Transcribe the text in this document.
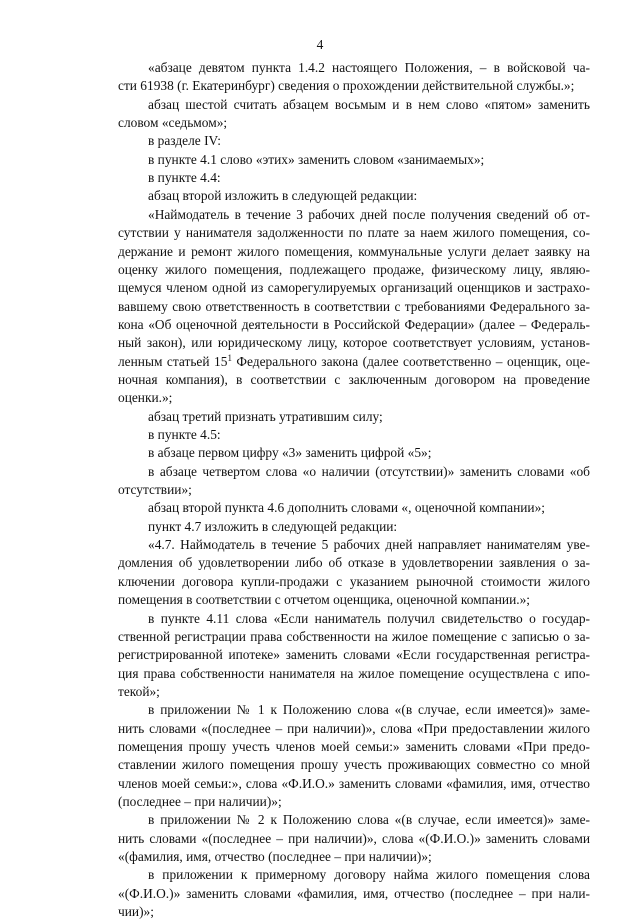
4
«абзаце девятом пункта 1.4.2 настоящего Положения, – в войсковой ча-
сти 61938 (г. Екатеринбург) сведения о прохождении действительной службы.»;
абзац шестой считать абзацем восьмым и в нем слово «пятом» заменить
словом «седьмом»;
в разделе IV:
в пункте 4.1 слово «этих» заменить словом «занимаемых»;
в пункте 4.4:
абзац второй изложить в следующей редакции:
«Наймодатель в течение 3 рабочих дней после получения сведений об от-
сутствии у нанимателя задолженности по плате за наем жилого помещения, со-
держание и ремонт жилого помещения, коммунальные услуги делает заявку на
оценку жилого помещения, подлежащего продаже, физическому лицу, являю-
щемуся членом одной из саморегулируемых организаций оценщиков и застрахо-
вавшему свою ответственность в соответствии с требованиями Федерального за-
кона «Об оценочной деятельности в Российской Федерации» (далее – Федераль-
ный закон), или юридическому лицу, которое соответствует условиям, установ-
ленным статьей $15^1$ Федерального закона (далее соответственно – оценщик, оце-
ночная компания), в соответствии с заключенным договором на проведение
оценки.»;
абзац третий признать утратившим силу;
в пункте 4.5:
в абзаце первом цифру «3» заменить цифрой «5»;
в абзаце четвертом слова «о наличии (отсутствии)» заменить словами «об
отсутствии»;
абзац второй пункта 4.6 дополнить словами «, оценочной компании»;
пункт 4.7 изложить в следующей редакции:
«4.7. Наймодатель в течение 5 рабочих дней направляет нанимателям уве-
домления об удовлетворении либо об отказе в удовлетворении заявления о за-
ключении договора купли-продажи с указанием рыночной стоимости жилого
помещения в соответствии с отчетом оценщика, оценочной компании.»;
в пункте 4.11 слова «Если наниматель получил свидетельство о государ-
ственной регистрации права собственности на жилое помещение с записью о за-
регистрированной ипотеке» заменить словами «Если государственная регистра-
ция права собственности нанимателя на жилое помещение осуществлена с ипо-
текой»;
в приложении № 1 к Положению слова «(в случае, если имеется)» заме-
нить словами «(последнее – при наличии)», слова «При предоставлении жилого
помещения прошу учесть членов моей семьи:» заменить словами «При предо-
ставлении жилого помещения прошу учесть проживающих совместно со мной
членов моей семьи:», слова «Ф.И.О.» заменить словами «фамилия, имя, отчество
(последнее – при наличии)»;
в приложении № 2 к Положению слова «(в случае, если имеется)» заме-
нить словами «(последнее – при наличии)», слова «(Ф.И.О.)» заменить словами
«(фамилия, имя, отчество (последнее – при наличии)»;
в приложении к примерному договору найма жилого помещения слова
«(Ф.И.О.)» заменить словами «фамилия, имя, отчество (последнее – при нали-
чии)»;
